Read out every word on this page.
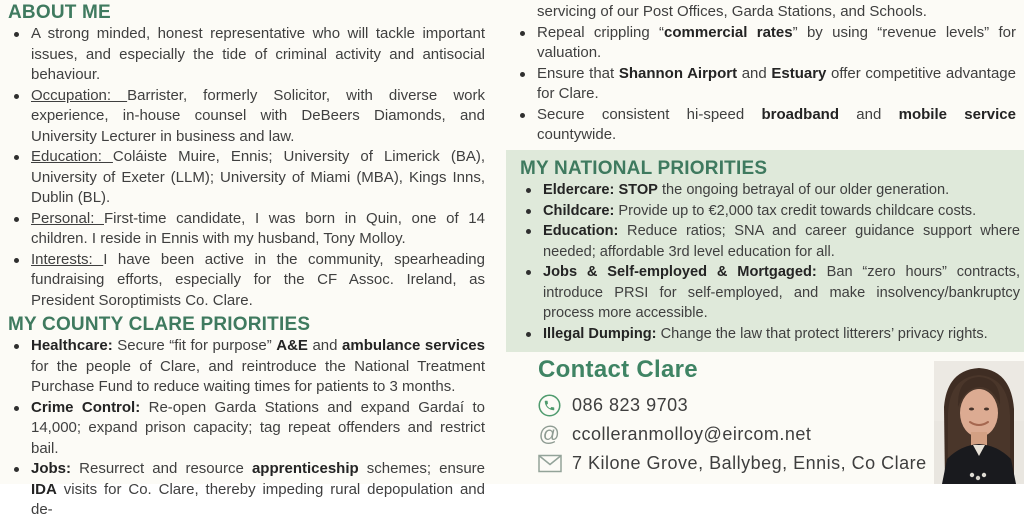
ABOUT ME
A strong minded, honest representative who will tackle important issues, and especially the tide of criminal activity and antisocial behaviour.
Occupation: Barrister, formerly Solicitor, with diverse work experience, in-house counsel with DeBeers Diamonds, and University Lecturer in business and law.
Education: Coláiste Muire, Ennis; University of Limerick (BA), University of Exeter (LLM); University of Miami (MBA), Kings Inns, Dublin (BL).
Personal: First-time candidate, I was born in Quin, one of 14 children. I reside in Ennis with my husband, Tony Molloy.
Interests: I have been active in the community, spearheading fundraising efforts, especially for the CF Assoc. Ireland, as President Soroptimists Co. Clare.
MY COUNTY CLARE PRIORITIES
Healthcare: Secure “fit for purpose” A&E and ambulance services for the people of Clare, and reintroduce the National Treatment Purchase Fund to reduce waiting times for patients to 3 months.
Crime Control: Re-open Garda Stations and expand Gardaí to 14,000; expand prison capacity; tag repeat offenders and restrict bail.
Jobs: Resurrect and resource apprenticeship schemes; ensure IDA visits for Co. Clare, thereby impeding rural depopulation and de-
servicing of our Post Offices, Garda Stations, and Schools.
Repeal crippling “commercial rates” by using “revenue levels” for valuation.
Ensure that Shannon Airport and Estuary offer competitive advantage for Clare.
Secure consistent hi-speed broadband and mobile service countywide.
MY NATIONAL PRIORITIES
Eldercare: STOP the ongoing betrayal of our older generation.
Childcare: Provide up to €2,000 tax credit towards childcare costs.
Education: Reduce ratios; SNA and career guidance support where needed; affordable 3rd level education for all.
Jobs & Self-employed & Mortgaged: Ban “zero hours” contracts, introduce PRSI for self-employed, and make insolvency/bankruptcy process more accessible.
Illegal Dumping: Change the law that protect litterers’ privacy rights.
Contact Clare
086 823 9703
@ ccolleranmolloy@eircom.net
7 Kilone Grove, Ballybeg, Ennis, Co Clare
